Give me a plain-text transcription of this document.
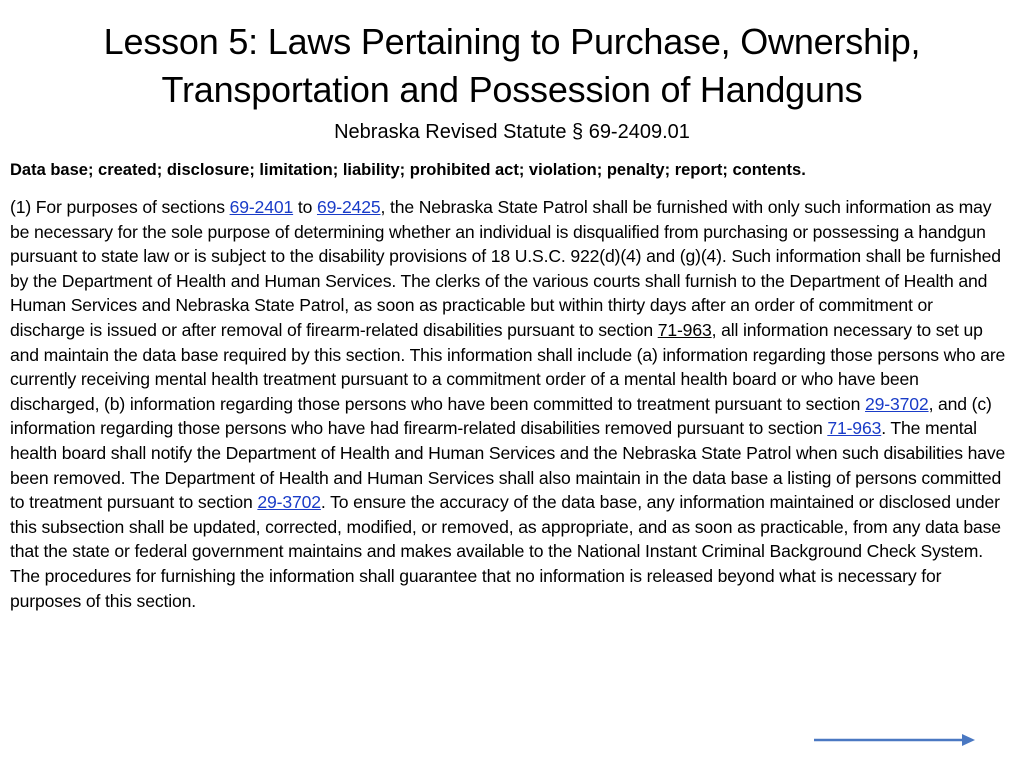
Lesson 5: Laws Pertaining to Purchase, Ownership,
Transportation and Possession of Handguns

Nebraska Revised Statute § 69-2409.01

Data base; created; disclosure; limitation; liability; prohibited act; violation; penalty; report; contents.

(1) For purposes of sections 69-2401 to 69-2425, the Nebraska State Patrol shall be furnished with only such information as may be necessary for the sole purpose of determining whether an individual is disqualified from purchasing or possessing a handgun pursuant to state law or is subject to the disability provisions of 18 U.S.C. 922(d)(4) and (g)(4). Such information shall be furnished by the Department of Health and Human Services. The clerks of the various courts shall furnish to the Department of Health and Human Services and Nebraska State Patrol, as soon as practicable but within thirty days after an order of commitment or discharge is issued or after removal of firearm-related disabilities pursuant to section 71-963, all information necessary to set up and maintain the data base required by this section. This information shall include (a) information regarding those persons who are currently receiving mental health treatment pursuant to a commitment order of a mental health board or who have been discharged, (b) information regarding those persons who have been committed to treatment pursuant to section 29-3702, and (c) information regarding those persons who have had firearm-related disabilities removed pursuant to section 71-963. The mental health board shall notify the Department of Health and Human Services and the Nebraska State Patrol when such disabilities have been removed. The Department of Health and Human Services shall also maintain in the data base a listing of persons committed to treatment pursuant to section 29-3702. To ensure the accuracy of the data base, any information maintained or disclosed under this subsection shall be updated, corrected, modified, or removed, as appropriate, and as soon as practicable, from any data base that the state or federal government maintains and makes available to the National Instant Criminal Background Check System. The procedures for furnishing the information shall guarantee that no information is released beyond what is necessary for purposes of this section.
